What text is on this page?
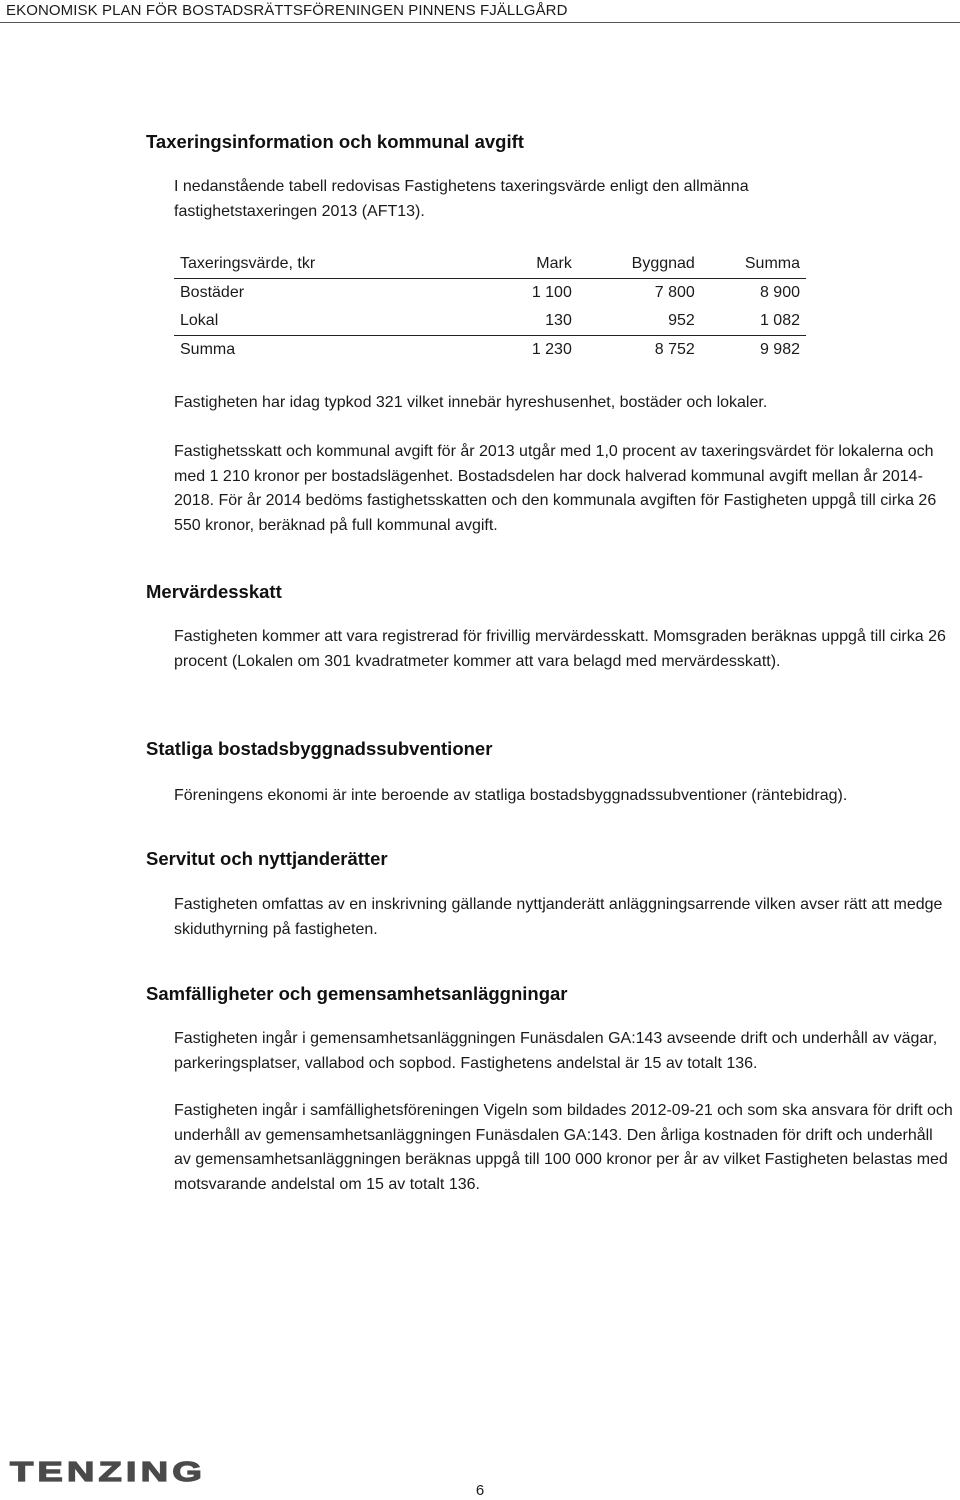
EKONOMISK PLAN FÖR BOSTADSRÄTTSFÖRENINGEN PINNENS FJÄLLGÅRD
Taxeringsinformation och kommunal avgift

I nedanstående tabell redovisas Fastighetens taxeringsvärde enligt den allmänna fastighetstaxeringen 2013 (AFT13).

Taxeringsvärde, tkr	Mark	Byggnad	Summa
Bostäder	1 100	7 800	8 900
Lokal	130	952	1 082
Summa	1 230	8 752	9 982

Fastigheten har idag typkod 321 vilket innebär hyreshusenhet, bostäder och lokaler.

Fastighetsskatt och kommunal avgift för år 2013 utgår med 1,0 procent av taxeringsvärdet för lokalerna och med 1 210 kronor per bostadslägenhet. Bostadsdelen har dock halverad kommunal avgift mellan år 2014-2018. För år 2014 bedöms fastighetsskatten och den kommunala avgiften för Fastigheten uppgå till cirka 26 550 kronor, beräknad på full kommunal avgift.

Mervärdesskatt

Fastigheten kommer att vara registrerad för frivillig mervärdesskatt. Momsgraden beräknas uppgå till cirka 26 procent (Lokalen om 301 kvadratmeter kommer att vara belagd med mervärdesskatt).

Statliga bostadsbyggnadssubventioner

Föreningens ekonomi är inte beroende av statliga bostadsbyggnadssubventioner (räntebidrag).

Servitut och nyttjanderätter

Fastigheten omfattas av en inskrivning gällande nyttjanderätt anläggningsarrende vilken avser rätt att medge skiduthyrning på fastigheten.

Samfälligheter och gemensamhetsanläggningar

Fastigheten ingår i gemensamhetsanläggningen Funäsdalen GA:143 avseende drift och underhåll av vägar, parkeringsplatser, vallabod och sopbod. Fastighetens andelstal är 15 av totalt 136.

Fastigheten ingår i samfällighetsföreningen Vigeln som bildades 2012-09-21 och som ska ansvara för drift och underhåll av gemensamhetsanläggningen Funäsdalen GA:143. Den årliga kostnaden för drift och underhåll av gemensamhetsanläggningen beräknas uppgå till 100 000 kronor per år av vilket Fastigheten belastas med motsvarande andelstal om 15 av totalt 136.

TENZING
6
